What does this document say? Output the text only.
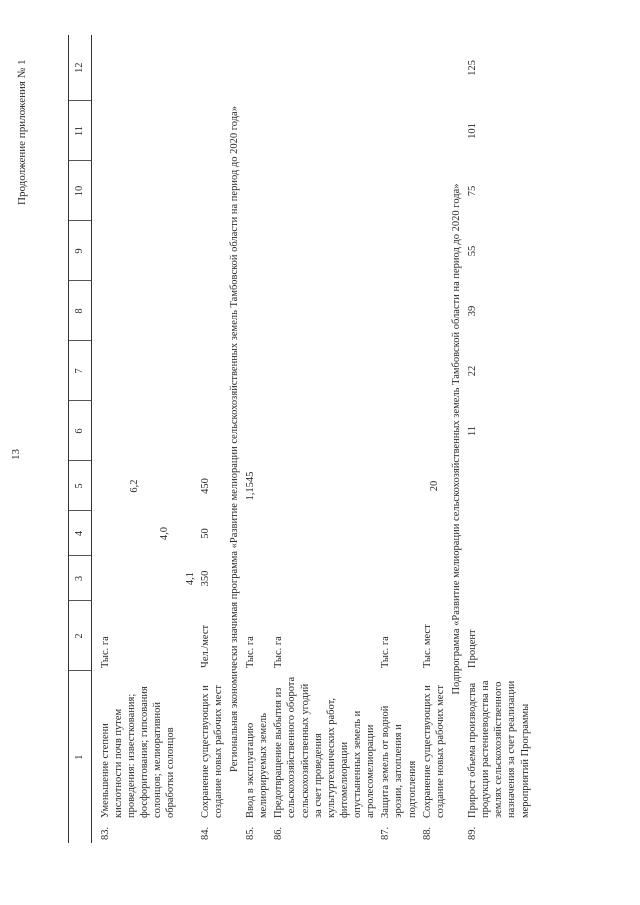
13
Продолжение приложения № 1
1		2	3	4	5	6	7	8	9	10	11	12

83.	Уменьшение степени кислотности почв путем проведения: известкования; фосфоритования; гипсования солонцов; мелиоративной обработки солонцов	Тыс. га	4,1	4,0	6,2							
84.	Сохранение существующих и создание новых рабочих мест	Чел./мест	350	50	450							
Региональная экономически значимая программа «Развитие мелиорации сельскохозяйственных земель Тамбовской области на период до 2020 года»												
85.	Ввод в эксплуатацию мелиорируемых земель	Тыс. га			1,1545							
86.	Предотвращение выбытия из сельскохозяйственного оборота сельскохозяйственных угодий за счет проведения культуртехнических работ, фитомелиорации опустыненных земель и агролесомелиорации	Тыс. га										
87.	Защита земель от водной эрозии, затопления и подтопления	Тыс. га										
88.	Сохранение существующих и создание новых рабочих мест	Тыс. мест			20							
Подпрограмма «Развитие мелиорации сельскохозяйственных земель Тамбовской области на период до 2020 года»												
89.	Прирост объема производства продукции растениеводства на землях сельскохозяйственного назначения за счет реализации мероприятий Программы	Процент				11	22	39	55	75	101	125
